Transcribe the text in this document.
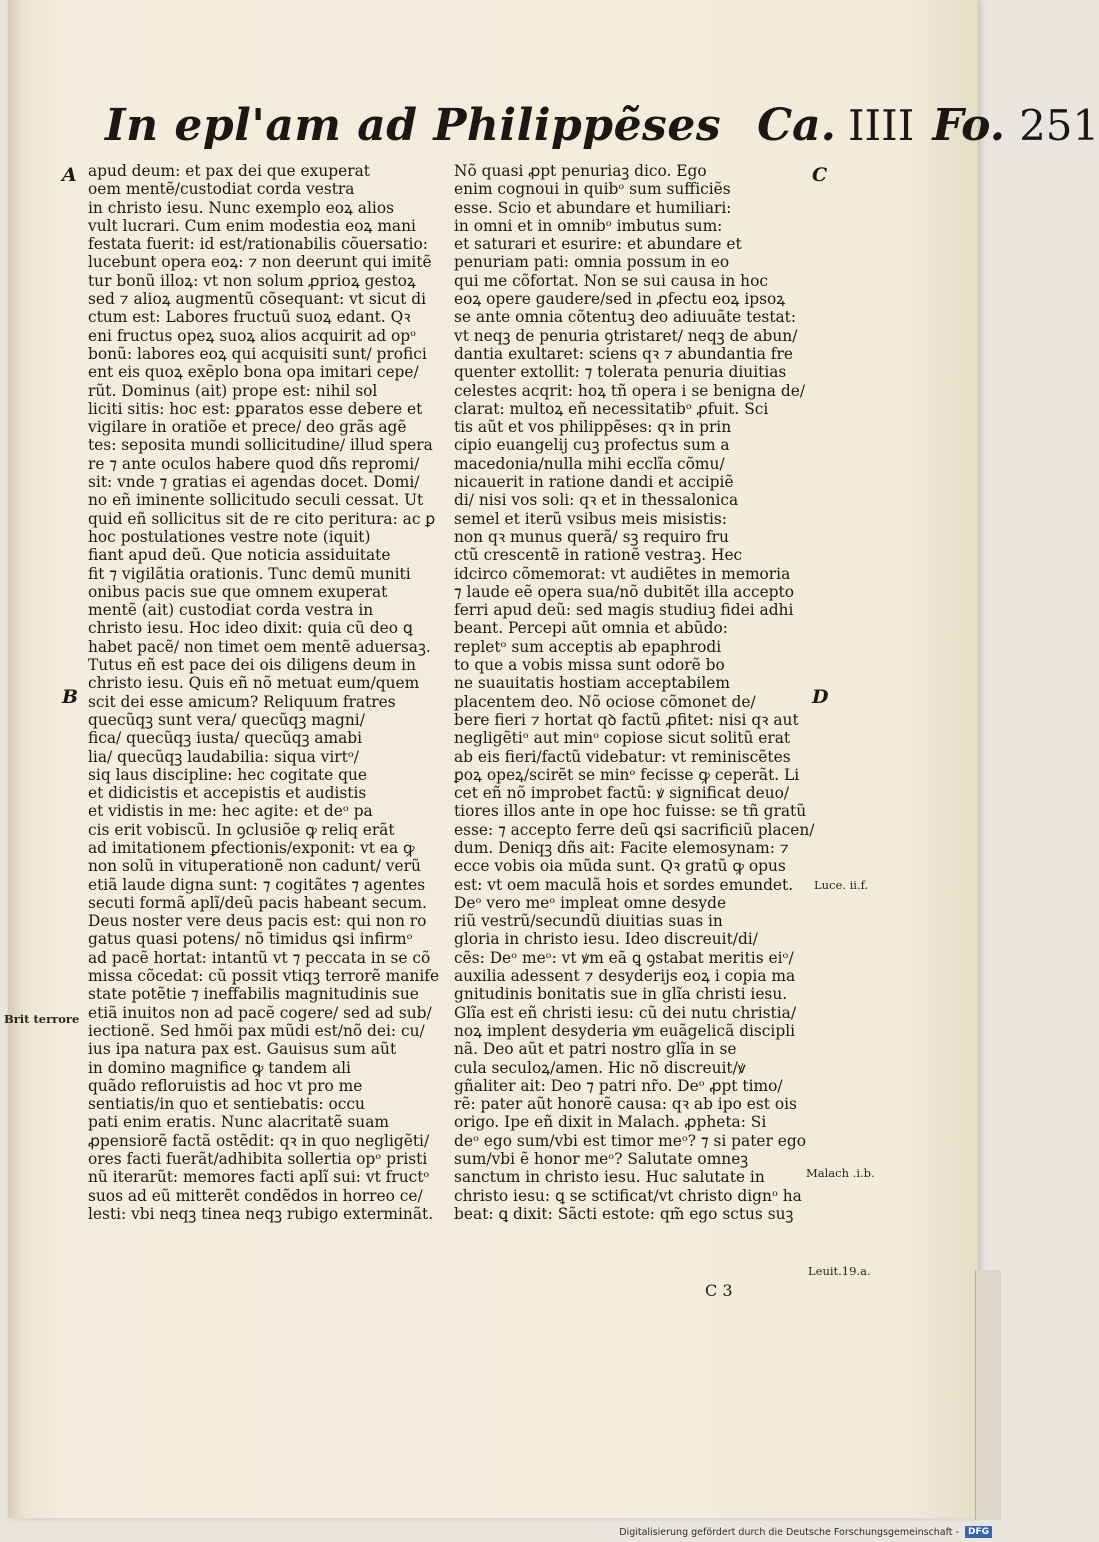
In epl'am ad Philippẽses Ca. IIII Fo. 251
A
B
C
D
Brit terrore
Luce. ii.f.
Malach .i.b.
Leuit.19.a.
apud deum: et pax dei que exuperat
oem mentẽ/custodiat corda vestra
in christo iesu. Nunc exemplo eoꝝ alios
vult lucrari. Cum enim modestia eoꝝ mani
festata fuerit: id est/rationabilis cõuersatio:
lucebunt opera eoꝝ: ⁊ non deerunt qui imitẽ
tur bonũ illoꝝ: vt non solum ꝓprioꝝ gestoꝝ
sed ⁊ alioꝝ augmentũ cõsequant: vt sicut di
ctum est: Labores fructuũ suoꝝ edant. Qꝛ
eni fructus opeꝝ suoꝝ alios acquirit ad opᵒ
bonũ: labores eoꝝ qui acquisiti sunt/ profici
ent eis quoꝝ exẽplo bona opa imitari cepe/
rũt. Dominus (ait) prope est: nihil sol
liciti sitis: hoc est: ꝑparatos esse debere et
vigilare in oratiõe et prece/ deo grãs agẽ
tes: seposita mundi sollicitudine/ illud spera
re ⁊ ante oculos habere quod dñs repromi/
sit: vnde ⁊ gratias ei agendas docet. Domi/
no eñ iminente sollicitudo seculi cessat. Ut
quid eñ sollicitus sit de re cito peritura: ac ꝑ
hoc postulationes vestre note (iquit)
fiant apud deũ. Que noticia assiduitate
fit ⁊ vigilãtia orationis. Tunc demũ muniti
onibus pacis sue que omnem exuperat
mentẽ (ait) custodiat corda vestra in
christo iesu. Hoc ideo dixit: quia cũ deo ꝗ
habet pacẽ/ non timet oem mentẽ aduersaꝫ.
Tutus eñ est pace dei ois diligens deum in
christo iesu. Quis eñ nõ metuat eum/quem
scit dei esse amicum? Reliquum fratres
quecũqꝫ sunt vera/ quecũqꝫ magni/
fica/ quecũqꝫ iusta/ quecũqꝫ amabi
lia/ quecũqꝫ laudabilia: siqua virtᵒ/
siq laus discipline: hec cogitate que
et didicistis et accepistis et audistis
et vidistis in me: hec agite: et deᵒ pa
cis erit vobiscũ. In ꝯclusiõe ꝙ reliq erãt
ad imitationem ꝑfectionis/exponit: vt ea ꝙ
non solũ in vituperationẽ non cadunt/ verũ
etiã laude digna sunt: ⁊ cogitãtes ⁊ agentes
secuti formã aplĩ/deũ pacis habeant secum.
Deus noster vere deus pacis est: qui non ro
gatus quasi potens/ nõ timidus ꝗsi infirmᵒ
ad pacẽ hortat: intantũ vt ⁊ peccata in se cõ
missa cõcedat: cũ possit vtiqꝫ terrorẽ manife
state potẽtie ⁊ ineffabilis magnitudinis sue
etiã inuitos non ad pacẽ cogere/ sed ad sub/
iectionẽ. Sed hmõi pax mũdi est/nõ dei: cu/
ius ipa natura pax est. Gauisus sum aũt
in domino magnifice ꝙ tandem ali
quãdo refloruistis ad hoc vt pro me
sentiatis/in quo et sentiebatis: occu
pati enim eratis. Nunc alacritatẽ suam
ꝓpensiorẽ factã ostẽdit: qꝛ in quo negligẽti/
ores facti fuerãt/adhibita sollertia opᵒ pristi
nũ iterarũt: memores facti aplĩ sui: vt fructᵒ
suos ad eũ mitterẽt condẽdos in horreo ce/
lesti: vbi neqꝫ tinea neqꝫ rubigo exterminãt.
Nõ quasi ꝓpt penuriaꝫ dico. Ego
enim cognoui in quibᵒ sum sufficiẽs
esse. Scio et abundare et humiliari:
in omni et in omnibᵒ imbutus sum:
et saturari et esurire: et abundare et
penuriam pati: omnia possum in eo
qui me cõfortat. Non se sui causa in hoc
eoꝝ opere gaudere/sed in ꝓfectu eoꝝ ipsoꝝ
se ante omnia cõtentuꝫ deo adiuuãte testat:
vt neqꝫ de penuria ꝯtristaret/ neqꝫ de abun/
dantia exultaret: sciens qꝛ ⁊ abundantia fre
quenter extollit: ⁊ tolerata penuria diuitias
celestes acqrit: hoꝝ tñ opera i se benigna de/
clarat: multoꝝ eñ necessitatibᵒ ꝓfuit. Sci
tis aũt et vos philippẽses: qꝛ in prin
cipio euangelij cuꝫ profectus sum a
macedonia/nulla mihi ecclĩa cõmu/
nicauerit in ratione dandi et accipiẽ
di/ nisi vos soli: qꝛ et in thessalonica
semel et iterũ vsibus meis misistis:
non qꝛ munus querã/ sꝫ requiro fru
ctũ crescentẽ in rationẽ vestraꝫ. Hec
idcirco cõmemorat: vt audiẽtes in memoria
⁊ laude eẽ opera sua/nõ dubitẽt illa accepto
ferri apud deũ: sed magis studiuꝫ fidei adhi
beant. Percepi aũt omnia et abũdo:
repletᵒ sum acceptis ab epaphrodi
to que a vobis missa sunt odorẽ bo
ne suauitatis hostiam acceptabilem
placentem deo. Nõ ociose cõmonet de/
bere fieri ⁊ hortat qꝺ factũ ꝓfitet: nisi qꝛ aut
negligẽtiᵒ aut minᵒ copiose sicut solitũ erat
ab eis fieri/factũ videbatur: vt reminiscẽtes
ꝑoꝝ opeꝝ/scirẽt se minᵒ fecisse ꝙ ceperãt. Li
cet eñ nõ improbet factũ: ꝟ significat deuo/
tiores illos ante in ope hoc fuisse: se tñ gratũ
esse: ⁊ accepto ferre deũ ꝗsi sacrificiũ placen/
dum. Deniqꝫ dñs ait: Facite elemosynam: ⁊
ecce vobis oia mũda sunt. Qꝛ gratũ ꝙ opus
est: vt oem maculã hois et sordes emundet.
Deᵒ vero meᵒ impleat omne desyde
riũ vestrũ/secundũ diuitias suas in
gloria in christo iesu. Ideo discreuit/di/
cẽs: Deᵒ meᵒ: vt ꝟm eã ꝗ ꝯstabat meritis eiᵒ/
auxilia adessent ⁊ desyderijs eoꝝ i copia ma
gnitudinis bonitatis sue in glĩa christi iesu.
Glĩa est eñ christi iesu: cũ dei nutu christia/
noꝝ implent desyderia ꝟm euãgelicã discipli
nã. Deo aũt et patri nostro glĩa in se
cula seculoꝝ/amen. Hic nõ discreuit/ꝟ
gñaliter ait: Deo ⁊ patri nr̃o. Deᵒ ꝓpt timo/
rẽ: pater aũt honorẽ causa: qꝛ ab ipo est ois
origo. Ipe eñ dixit in Malach. ꝓpheta: Si
deᵒ ego sum/vbi est timor meᵒ? ⁊ si pater ego
sum/vbi ẽ honor meᵒ? Salutate omneꝫ
sanctum in christo iesu. Huc salutate in
christo iesu: ꝗ se sctificat/vt christo dignᵒ ha
beat: ꝗ dixit: Sãcti estote: qm̃ ego sctus suꝫ
C 3
Digitalisierung gefördert durch die Deutsche Forschungsgemeinschaft -	DFG
